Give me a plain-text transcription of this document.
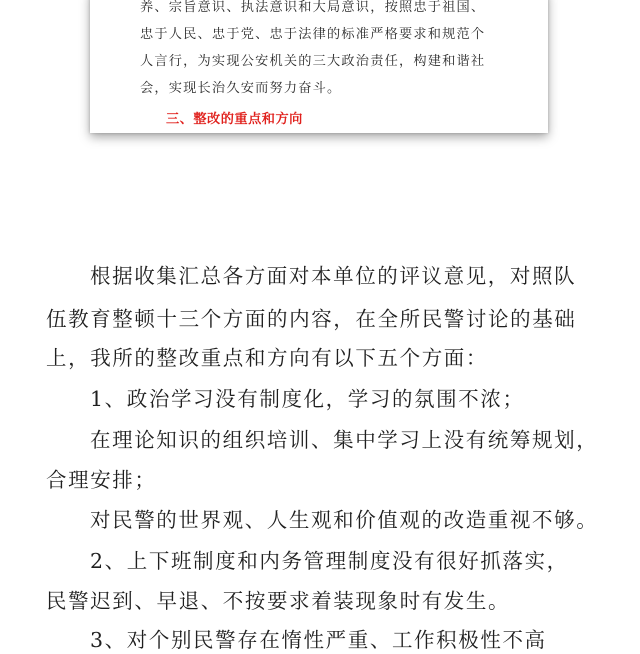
养、宗旨意识、执法意识和大局意识，按照忠于祖国、
忠于人民、忠于党、忠于法律的标准严格要求和规范个
人言行，为实现公安机关的三大政治责任，构建和谐社
会，实现长治久安而努力奋斗。
三、整改的重点和方向
根据收集汇总各方面对本单位的评议意见，对照队
伍教育整顿十三个方面的内容，在全所民警讨论的基础
上，我所的整改重点和方向有以下五个方面：
1、政治学习没有制度化，学习的氛围不浓；
在理论知识的组织培训、集中学习上没有统筹规划，
合理安排；
对民警的世界观、人生观和价值观的改造重视不够。
2、上下班制度和内务管理制度没有很好抓落实，
民警迟到、早退、不按要求着装现象时有发生。
3、对个别民警存在惰性严重、工作积极性不高
